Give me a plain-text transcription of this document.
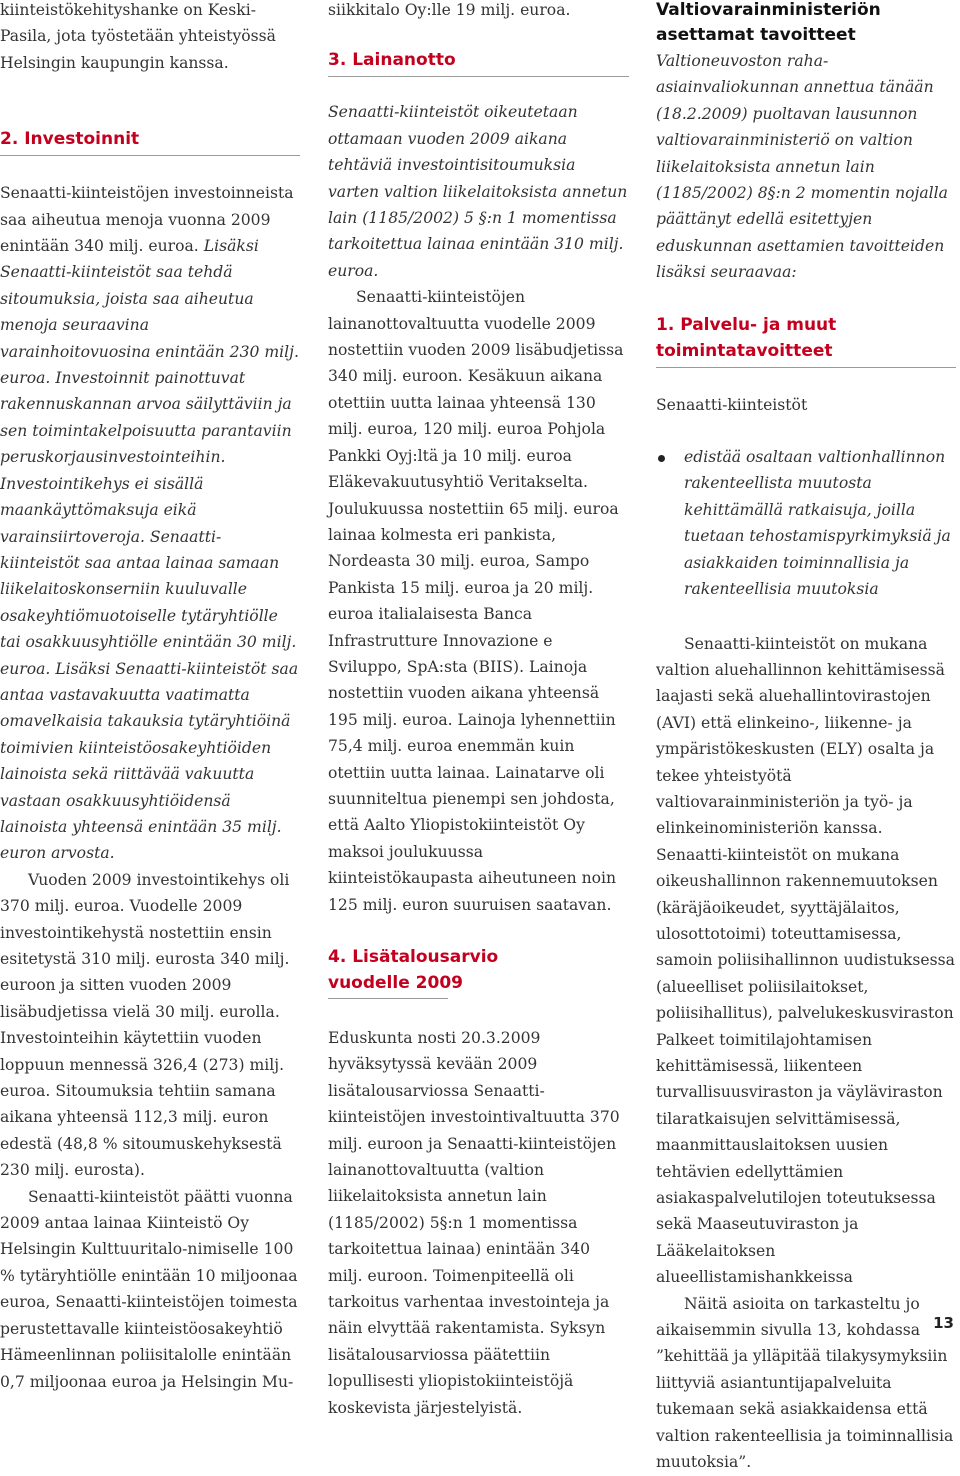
kiinteistökehityshanke on Keski-Pasila, jota työstetään yhteistyössä Helsingin kaupungin kanssa.

2. Investoinnit

Senaatti-kiinteistöjen investoinneista saa aiheutua menoja vuonna 2009 enintään 340 milj. euroa. Lisäksi Senaatti-kiinteistöt saa tehdä sitoumuksia, joista saa aiheutua menoja seuraavina varainhoitovuosina enintään 230 milj. euroa. Investoinnit painottuvat rakennuskannan arvoa säilyttäviin ja sen toimintakelpoisuutta parantaviin peruskorjausinvestointeihin. Investointikehys ei sisällä maankäyttömaksuja eikä varainsiirtoveroja. Senaatti-kiinteistöt saa antaa lainaa samaan liikelaitoskonserniin kuuluvalle osakeyhtiömuotoiselle tytäryhtiölle tai osakkuusyhtiölle enintään 30 milj. euroa. Lisäksi Senaatti-kiinteistöt saa antaa vastavakuutta vaatimatta omavelkaisia takauksia tytäryhtiöinä toimivien kiinteistöosakeyhtiöiden lainoista sekä riittävää vakuutta vastaan osakkuusyhtiöidensä lainoista yhteensä enintään 35 milj. euron arvosta.

Vuoden 2009 investointikehys oli 370 milj. euroa. Vuodelle 2009 investointikehystä nostettiin ensin esitetystä 310 milj. eurosta 340 milj. euroon ja sitten vuoden 2009 lisäbudjetissa vielä 30 milj. eurolla. Investointeihin käytettiin vuoden loppuun mennessä 326,4 (273) milj. euroa. Sitoumuksia tehtiin samana aikana yhteensä 112,3 milj. euron edestä (48,8 % sitoumuskehyksestä 230 milj. eurosta).

Senaatti-kiinteistöt päätti vuonna 2009 antaa lainaa Kiinteistö Oy Helsingin Kulttuuritalo-nimiselle 100 % tytäryhtiölle enintään 10 miljoonaa euroa, Senaatti-kiinteistöjen toimesta perustettavalle kiinteistöosakeyhtiö Hämeenlinnan poliisitalolle enintään 0,7 miljoonaa euroa ja Helsingin Mu-

siikkitalo Oy:lle 19 milj. euroa.

3. Lainanotto

Senaatti-kiinteistöt oikeutetaan ottamaan vuoden 2009 aikana tehtäviä investointisitoumuksia varten valtion liikelaitoksista annetun lain (1185/2002) 5 §:n 1 momentissa tarkoitettua lainaa enintään 310 milj. euroa.

Senaatti-kiinteistöjen lainanottovaltuutta vuodelle 2009 nostettiin vuoden 2009 lisäbudjetissa 340 milj. euroon. Kesäkuun aikana otettiin uutta lainaa yhteensä 130 milj. euroa, 120 milj. euroa Pohjola Pankki Oyj:ltä ja 10 milj. euroa Eläkevakuutusyhtiö Veritakselta. Joulukuussa nostettiin 65 milj. euroa lainaa kolmesta eri pankista, Nordeasta 30 milj. euroa, Sampo Pankista 15 milj. euroa ja 20 milj. euroa italialaisesta Banca Infrastrutture Innovazione e Sviluppo, SpA:sta (BIIS). Lainoja nostettiin vuoden aikana yhteensä 195 milj. euroa. Lainoja lyhennettiin 75,4 milj. euroa enemmän kuin otettiin uutta lainaa. Lainatarve oli suunniteltua pienempi sen johdosta, että Aalto Yliopistokiinteistöt Oy maksoi joulukuussa kiinteistökaupasta aiheutuneen noin 125 milj. euron suuruisen saatavan.

4. Lisätalousarvio
vuodelle 2009

Eduskunta nosti 20.3.2009 hyväksytyssä kevään 2009 lisätalousarviossa Senaatti-kiinteistöjen investointivaltuutta 370 milj. euroon ja Senaatti-kiinteistöjen lainanottovaltuutta (valtion liikelaitoksista annetun lain (1185/2002) 5§:n 1 momentissa tarkoitettua lainaa) enintään 340 milj. euroon. Toimenpiteellä oli tarkoitus varhentaa investointeja ja näin elvyttää rakentamista. Syksyn lisätalousarviossa päätettiin lopullisesti yliopistokiinteistöjä koskevista järjestelyistä.

Valtiovarainministeriön
asettamat tavoitteet

Valtioneuvoston raha-asiainvaliokunnan annettua tänään (18.2.2009) puoltavan lausunnon valtiovarainministeriö on valtion liikelaitoksista annetun lain (1185/2002) 8§:n 2 momentin nojalla päättänyt edellä esitettyjen eduskunnan asettamien tavoitteiden lisäksi seuraavaa:

1. Palvelu- ja muut
toimintatavoitteet

Senaatti-kiinteistöt

edistää osaltaan valtionhallinnon rakenteellista muutosta kehittämällä ratkaisuja, joilla tuetaan tehostamispyrkimyksiä ja asiakkaiden toiminnallisia ja rakenteellisia muutoksia

Senaatti-kiinteistöt on mukana valtion aluehallinnon kehittämisessä laajasti sekä aluehallintovirastojen (AVI) että elinkeino-, liikenne- ja ympäristökeskusten (ELY) osalta ja tekee yhteistyötä valtiovarainministeriön ja työ- ja elinkeinoministeriön kanssa. Senaatti-kiinteistöt on mukana oikeushallinnon rakennemuutoksen (käräjäoikeudet, syyttäjälaitos, ulosottotoimi) toteuttamisessa, samoin poliisihallinnon uudistuksessa (alueelliset poliisilaitokset, poliisihallitus), palvelukeskusviraston Palkeet toimitilajohtamisen kehittämisessä, liikenteen turvallisuusviraston ja väyläviraston tilaratkaisujen selvittämisessä, maanmittauslaitoksen uusien tehtävien edellyttämien asiakaspalvelutilojen toteutuksessa sekä Maaseutuviraston ja Lääkelaitoksen alueellistamishankkeissa

Näitä asioita on tarkasteltu jo aikaisemmin sivulla 13, kohdassa ”kehittää ja ylläpitää tilakysymyksiin liittyviä asiantuntijapalveluita tukemaan sekä asiakkaidensa että valtion rakenteellisia ja toiminnallisia muutoksia”.

13
